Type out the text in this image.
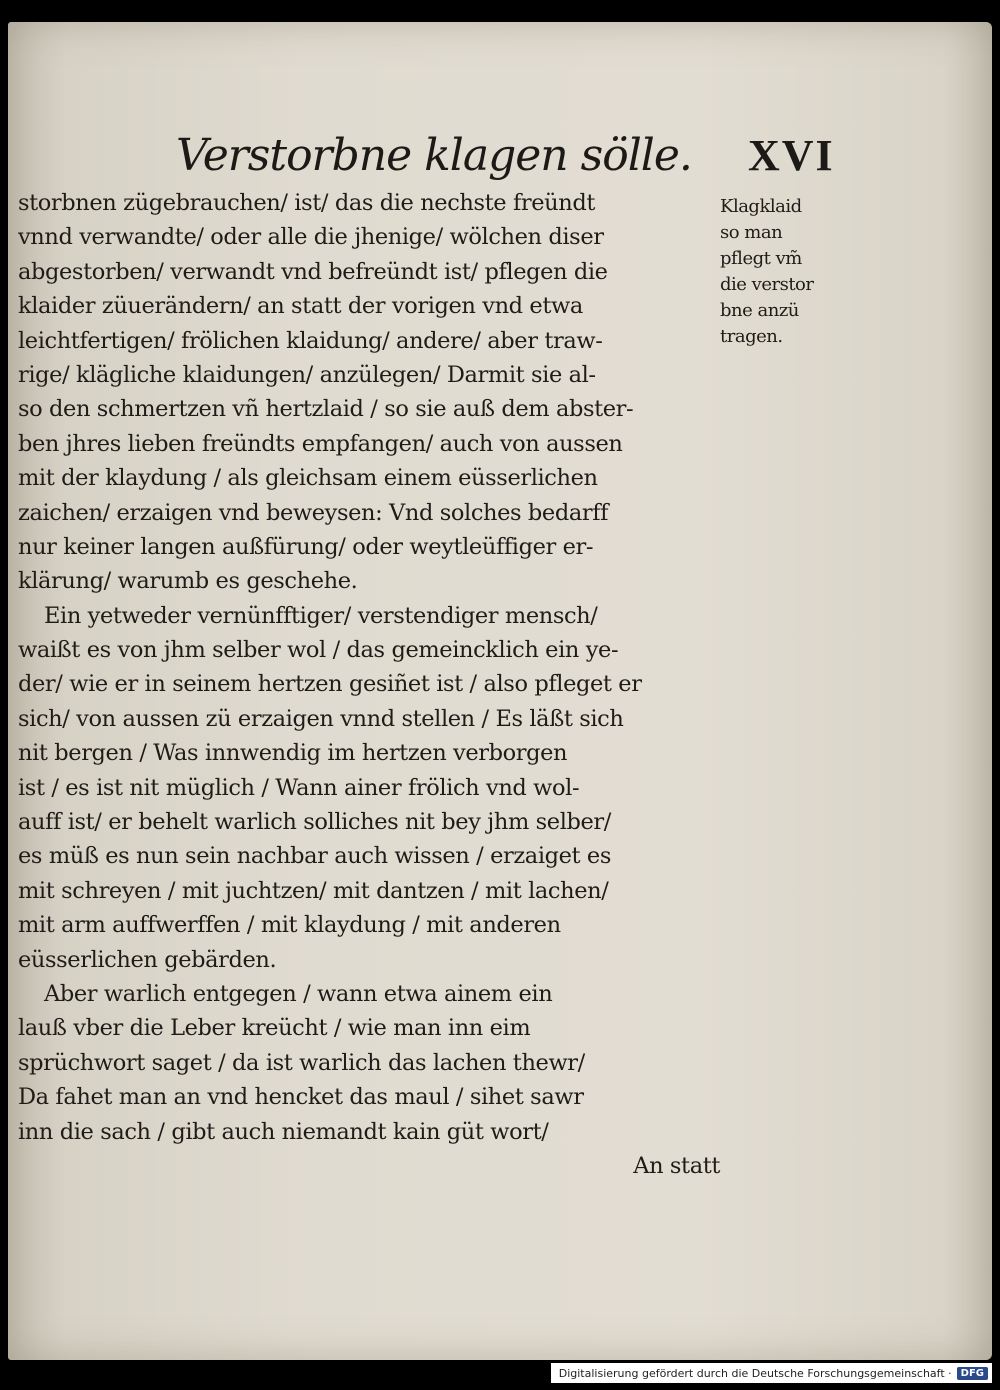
Verstorbne klagen sölle. XVI
storbnen zügebrauchen/ ist/ das die nechste freündt
vnnd verwandte/ oder alle die jhenige/ wölchen diser
abgestorben/ verwandt vnd befreündt ist/ pflegen die
klaider züuerändern/ an statt der vorigen vnd etwa
leichtfertigen/ frölichen klaidung/ andere/ aber traw-
rige/ klägliche klaidungen/ anzülegen/ Darmit sie al-
so den schmertzen vñ hertzlaid / so sie auß dem abster-
ben jhres lieben freündts empfangen/ auch von aussen
mit der klaydung / als gleichsam einem eüsserlichen
zaichen/ erzaigen vnd beweysen: Vnd solches bedarff
nur keiner langen außfürung/ oder weytleüffiger er-
klärung/ warumb es geschehe.
Ein yetweder vernünfftiger/ verstendiger mensch/
waißt es von jhm selber wol / das gemeincklich ein ye-
der/ wie er in seinem hertzen gesiñet ist / also pfleget er
sich/ von aussen zü erzaigen vnnd stellen / Es läßt sich
nit bergen / Was innwendig im hertzen verborgen
ist / es ist nit müglich / Wann ainer frölich vnd wol-
auff ist/ er behelt warlich solliches nit bey jhm selber/
es müß es nun sein nachbar auch wissen / erzaiget es
mit schreyen / mit juchtzen/ mit dantzen / mit lachen/
mit arm auffwerffen / mit klaydung / mit anderen
eüsserlichen gebärden.
Aber warlich entgegen / wann etwa ainem ein
lauß vber die Leber kreücht / wie man inn eim
sprüchwort saget / da ist warlich das lachen thewr/
Da fahet man an vnd hencket das maul / sihet sawr
inn die sach / gibt auch niemandt kain güt wort/
An statt
Klagklaid
so man
pflegt vm̃
die verstor
bne anzü
tragen.
Digitalisierung gefördert durch die Deutsche Forschungsgemeinschaft · DFG
